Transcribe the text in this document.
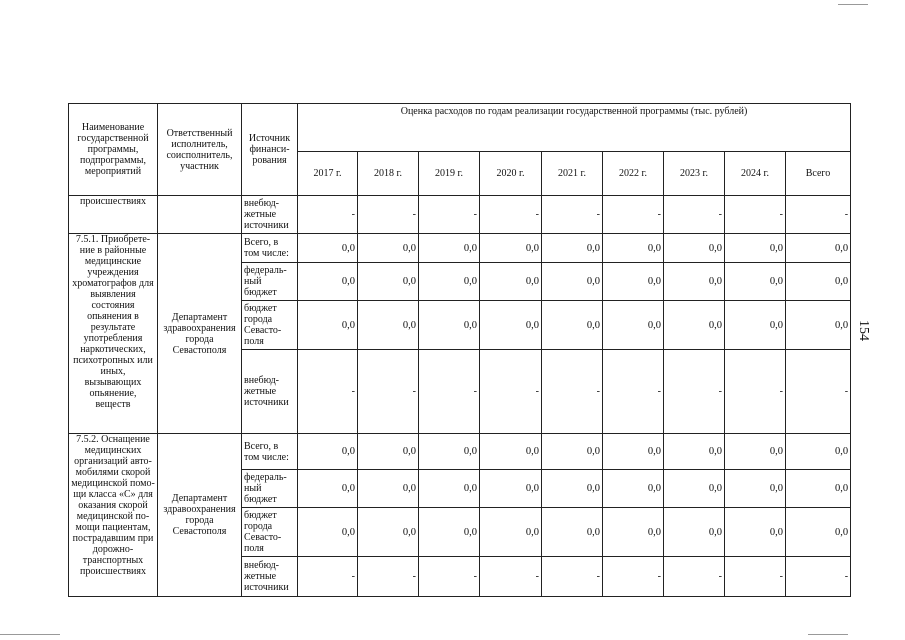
Наименование государственной программы, подпрограммы, мероприятий	Ответственный исполнитель, соисполнитель, участник	Источник финанси-рования	Оценка расходов по годам реализации государственной программы (тыс. рублей)								
			2017 г.	2018 г.	2019 г.	2020 г.	2021 г.	2022 г.	2023 г.	2024 г.	Всего
происшествиях		внебюд-жетные источники	-	-	-	-	-	-	-	-	-
7.5.1. Приобрете-ние в районные медицинские учреждения хроматографов для выявления состояния опьянения в результате употребления наркотических, психотропных или иных, вызывающих опьянение, веществ	Департамент здравоохранения города Севастополя	Всего, в том числе:	0,0	0,0	0,0	0,0	0,0	0,0	0,0	0,0	0,0
		федераль-ный бюджет	0,0	0,0	0,0	0,0	0,0	0,0	0,0	0,0	0,0
		бюджет города Севасто-поля	0,0	0,0	0,0	0,0	0,0	0,0	0,0	0,0	0,0
		внебюд-жетные источники	-	-	-	-	-	-	-	-	-
7.5.2. Оснащение медицинских организаций авто-мобилями скорой медицинской помо-щи класса «С» для оказания скорой медицинской по-мощи пациентам, пострадавшим при дорожно-транспортных происшествиях	Департамент здравоохранения города Севастополя	Всего, в том числе:	0,0	0,0	0,0	0,0	0,0	0,0	0,0	0,0	0,0
		федераль-ный бюджет	0,0	0,0	0,0	0,0	0,0	0,0	0,0	0,0	0,0
		бюджет города Севасто-поля	0,0	0,0	0,0	0,0	0,0	0,0	0,0	0,0	0,0
		внебюд-жетные источники	-	-	-	-	-	-	-	-	-
154
